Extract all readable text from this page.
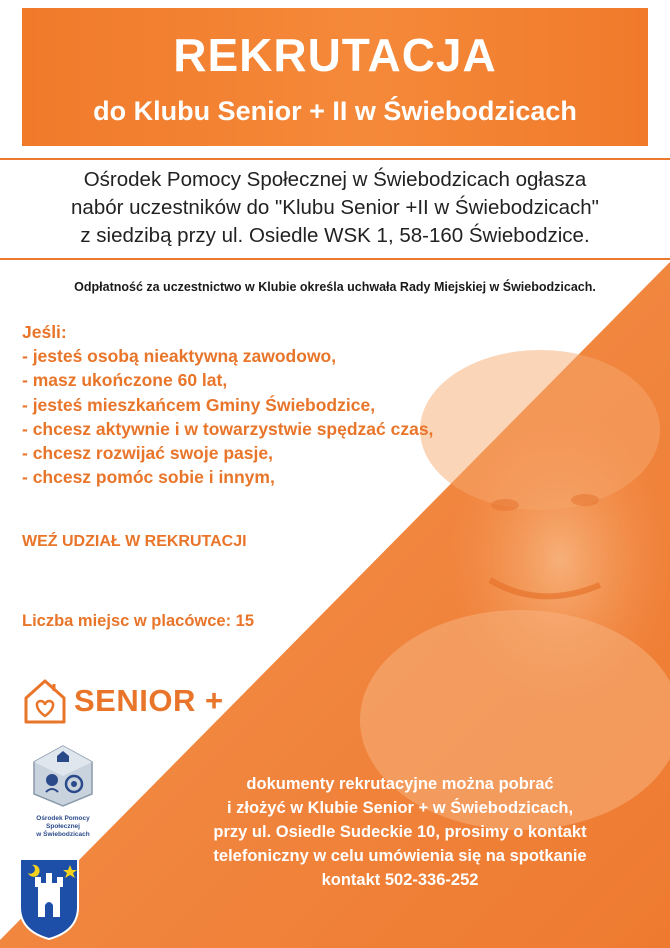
REKRUTACJA
do Klubu Senior + II w Świebodzicach
Ośrodek Pomocy Społecznej w Świebodzicach ogłasza
nabór uczestników do "Klubu Senior +II w Świebodzicach"
z siedzibą przy ul. Osiedle WSK 1, 58-160 Świebodzice.
Odpłatność za uczestnictwo w Klubie określa uchwała Rady Miejskiej w Świebodzicach.
Jeśli:
- jesteś osobą nieaktywną zawodowo,
- masz ukończone 60 lat,
- jesteś mieszkańcem Gminy Świebodzice,
- chcesz aktywnie i w towarzystwie spędzać czas,
- chcesz rozwijać swoje pasje,
- chcesz pomóc sobie i innym,
WEŹ UDZIAŁ W REKRUTACJI
Liczba miejsc w placówce: 15
SENIOR +
Ośrodek Pomocy Społecznej
w Świebodzicach
dokumenty rekrutacyjne można pobrać
i złożyć w Klubie Senior + w Świebodzicach,
przy ul. Osiedle Sudeckie 10, prosimy o kontakt
telefoniczny w celu umówienia się na spotkanie
kontakt 502-336-252
